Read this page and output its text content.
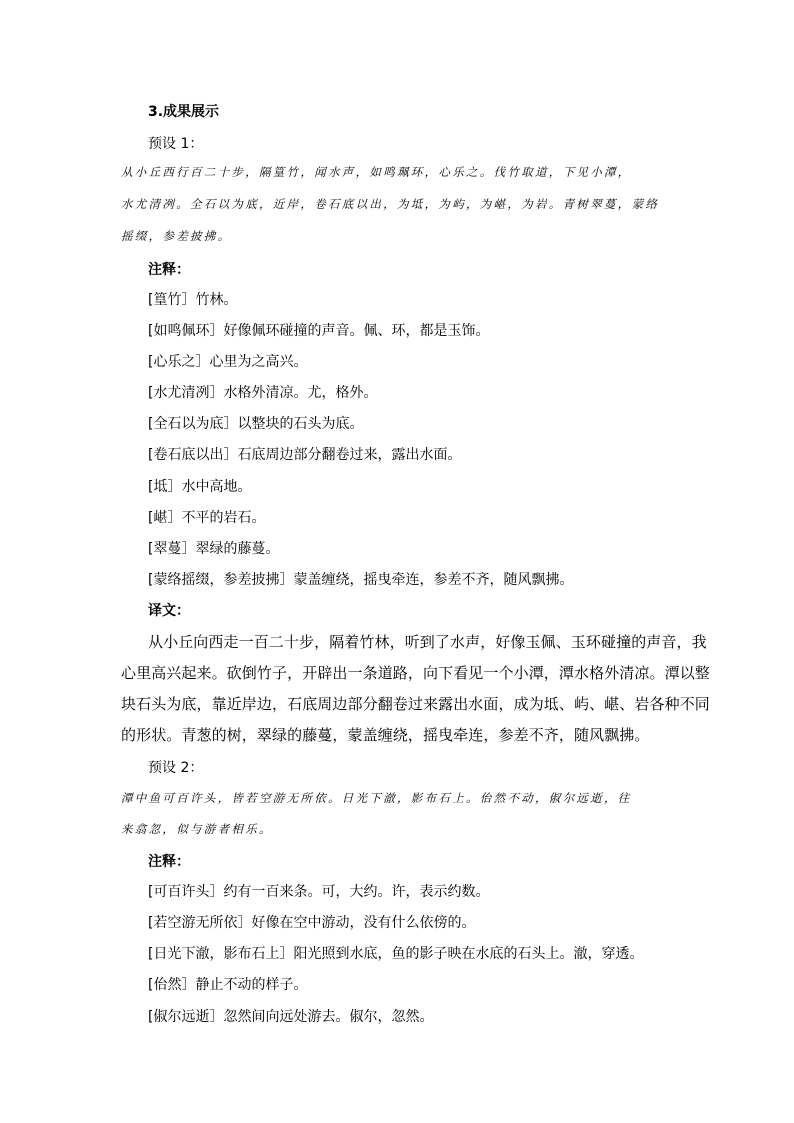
3.成果展示
预设 1：
从小丘西行百二十步，隔篁竹，闻水声，如鸣珮环，心乐之。伐竹取道，下见小潭，
水尤清冽。全石以为底，近岸，卷石底以出，为坻，为屿，为嵁，为岩。青树翠蔓，蒙络
摇缀，参差披拂。
注释：
[篁竹］竹林。
[如鸣佩环］好像佩环碰撞的声音。佩、环，都是玉饰。
[心乐之］心里为之高兴。
[水尤清冽］水格外清凉。尤，格外。
[全石以为底］以整块的石头为底。
[卷石底以出］石底周边部分翻卷过来，露出水面。
[坻］水中高地。
[嵁］不平的岩石。
[翠蔓］翠绿的藤蔓。
[蒙络摇缀，参差披拂］蒙盖缠绕，摇曳牵连，参差不齐，随风飘拂。
译文：
从小丘向西走一百二十步，隔着竹林，听到了水声，好像玉佩、玉环碰撞的声音，我
心里高兴起来。砍倒竹子，开辟出一条道路，向下看见一个小潭，潭水格外清凉。潭以整
块石头为底，靠近岸边，石底周边部分翻卷过来露出水面，成为坻、屿、嵁、岩各种不同
的形状。青葱的树，翠绿的藤蔓，蒙盖缠绕，摇曳牵连，参差不齐，随风飘拂。
预设 2：
潭中鱼可百许头，皆若空游无所依。日光下澈，影布石上。佁然不动，俶尔远逝，往
来翕忽，似与游者相乐。
注释：
[可百许头］约有一百来条。可，大约。许，表示约数。
[若空游无所依］好像在空中游动，没有什么依傍的。
[日光下澈，影布石上］阳光照到水底，鱼的影子映在水底的石头上。澈，穿透。
[佁然］静止不动的样子。
[俶尔远逝］忽然间向远处游去。俶尔，忽然。
